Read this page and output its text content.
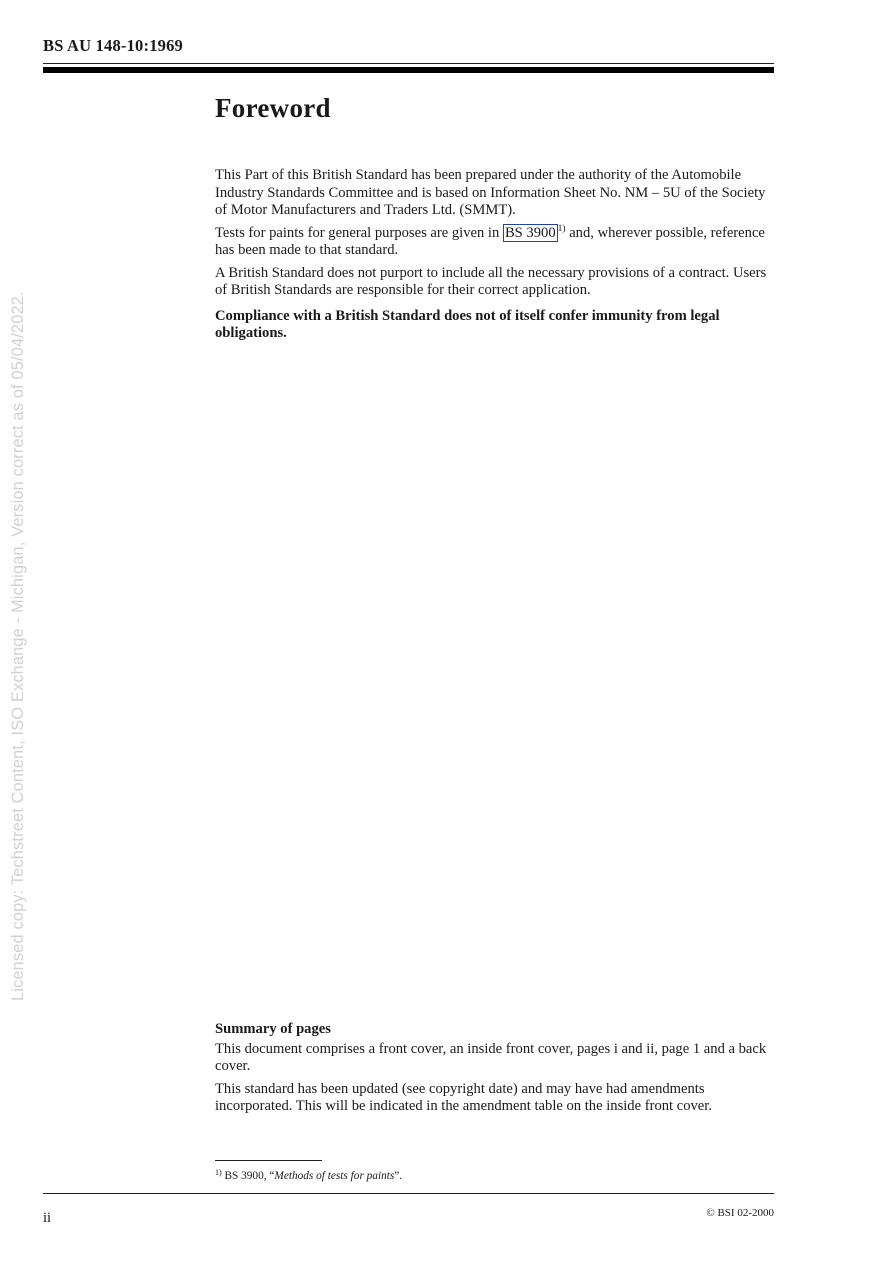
BS AU 148-10:1969
Foreword

This Part of this British Standard has been prepared under the authority of the Automobile Industry Standards Committee and is based on Information Sheet No. NM – 5U of the Society of Motor Manufacturers and Traders Ltd. (SMMT).

Tests for paints for general purposes are given in BS 3900 $^{1)}$ and, wherever possible, reference has been made to that standard.

A British Standard does not purport to include all the necessary provisions of a contract. Users of British Standards are responsible for their correct application.

Compliance with a British Standard does not of itself confer immunity from legal obligations.

Summary of pages

This document comprises a front cover, an inside front cover, pages i and ii, page 1 and a back cover.

This standard has been updated (see copyright date) and may have had amendments incorporated. This will be indicated in the amendment table on the inside front cover.

$^{1)}$ BS 3900, “Methods of tests for paints”.
ii	© BSI 02-2000
Licensed copy: Techstreet Content, ISO Exchange - Michigan, Version correct as of 05/04/2022.
